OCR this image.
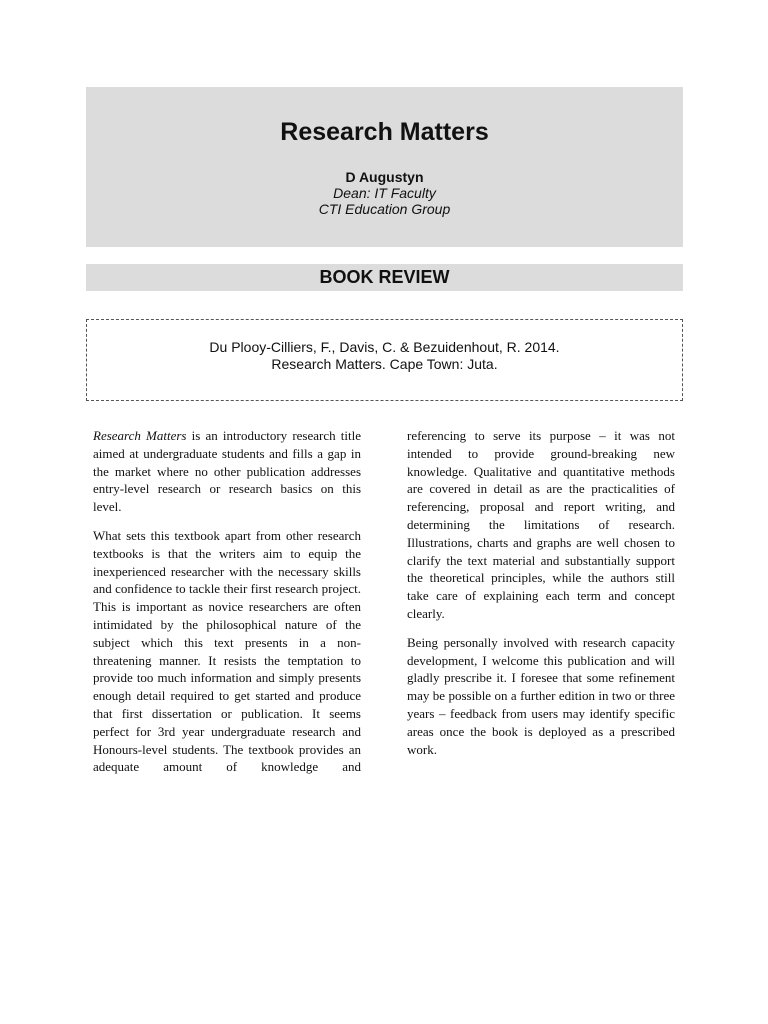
Research Matters
D Augustyn
Dean: IT Faculty
CTI Education Group
BOOK REVIEW
Du Plooy-Cilliers, F., Davis, C. & Bezuidenhout, R. 2014.
Research Matters. Cape Town: Juta.

Research Matters is an introductory research title aimed at undergraduate students and fills a gap in the market where no other publication addresses entry-level research or research basics on this level.

What sets this textbook apart from other research textbooks is that the writers aim to equip the inexperienced researcher with the necessary skills and confidence to tackle their first research project. This is important as novice researchers are often intimidated by the philosophical nature of the subject which this text presents in a non-threatening manner. It resists the temptation to provide too much information and simply presents enough detail required to get started and produce that first dissertation or publication. It seems perfect for 3rd year undergraduate research and Honours-level students. The textbook provides an adequate amount of knowledge and

referencing to serve its purpose – it was not intended to provide ground-breaking new knowledge. Qualitative and quantitative methods are covered in detail as are the practicalities of referencing, proposal and report writing, and determining the limitations of research. Illustrations, charts and graphs are well chosen to clarify the text material and substantially support the theoretical principles, while the authors still take care of explaining each term and concept clearly.

Being personally involved with research capacity development, I welcome this publication and will gladly prescribe it. I foresee that some refinement may be possible on a further edition in two or three years – feedback from users may identify specific areas once the book is deployed as a prescribed work.
